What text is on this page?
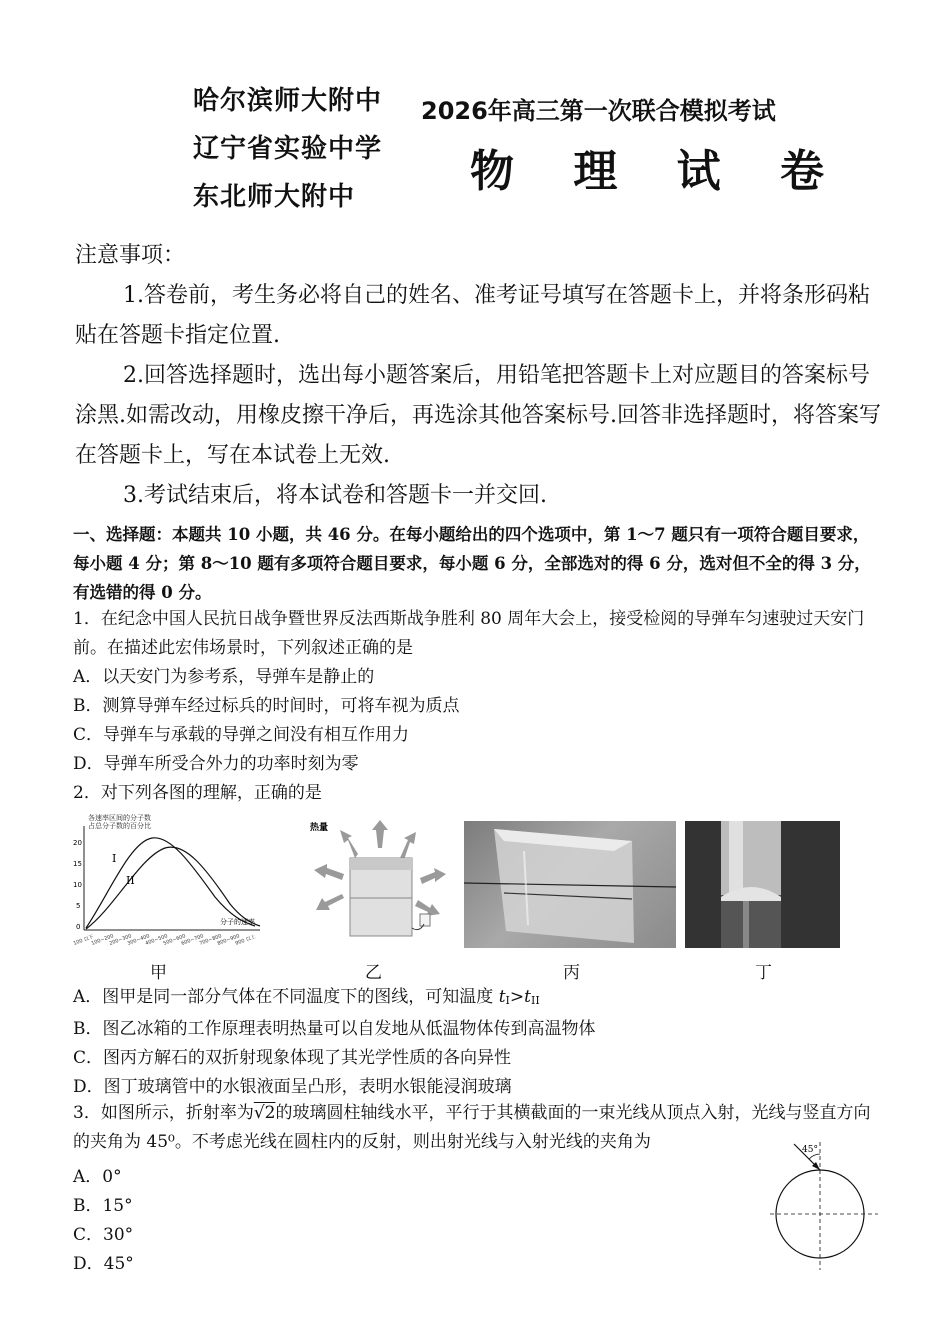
哈尔滨师大附中
辽宁省实验中学
东北师大附中
2026年高三第一次联合模拟考试
物 理 试 卷

注意事项：

1.答卷前，考生务必将自己的姓名、准考证号填写在答题卡上，并将条形码粘贴在答题卡指定位置.

2.回答选择题时，选出每小题答案后，用铅笔把答题卡上对应题目的答案标号涂黑.如需改动，用橡皮擦干净后，再选涂其他答案标号.回答非选择题时，将答案写在答题卡上，写在本试卷上无效.

3.考试结束后，将本试卷和答题卡一并交回.

一、选择题：本题共 10 小题，共 46 分。在每小题给出的四个选项中，第 1～7 题只有一项符合题目要求，每小题 4 分；第 8～10 题有多项符合题目要求，每小题 6 分，全部选对的得 6 分，选对但不全的得 3 分，有选错的得 0 分。

1．在纪念中国人民抗日战争暨世界反法西斯战争胜利 80 周年大会上，接受检阅的导弹车匀速驶过天安门前。在描述此宏伟场景时，下列叙述正确的是

A．以天安门为参考系，导弹车是静止的

B．测算导弹车经过标兵的时间时，可将车视为质点

C．导弹车与承载的导弹之间没有相互作用力

D．导弹车所受合外力的功率时刻为零

2．对下列各图的理解，正确的是

各速率区间的分子数
占总分子数的百分比
20
15
10
5
0
I
II
分子的速率
100 以下
100~200
200~300
300~400
400~500
500~600
600~700
700~800
800~900
900 以上
热量
甲	乙	丙	丁

A．图甲是同一部分气体在不同温度下的图线，可知温度 tI>tII

B．图乙冰箱的工作原理表明热量可以自发地从低温物体传到高温物体

C．图丙方解石的双折射现象体现了其光学性质的各向异性

D．图丁玻璃管中的水银液面呈凸形，表明水银能浸润玻璃

3．如图所示，折射率为√2的玻璃圆柱轴线水平，平行于其横截面的一束光线从顶点入射，光线与竖直方向的夹角为 45⁰。不考虑光线在圆柱内的反射，则出射光线与入射光线的夹角为

A．0°

B．15°

C．30°

D．45°

45°
